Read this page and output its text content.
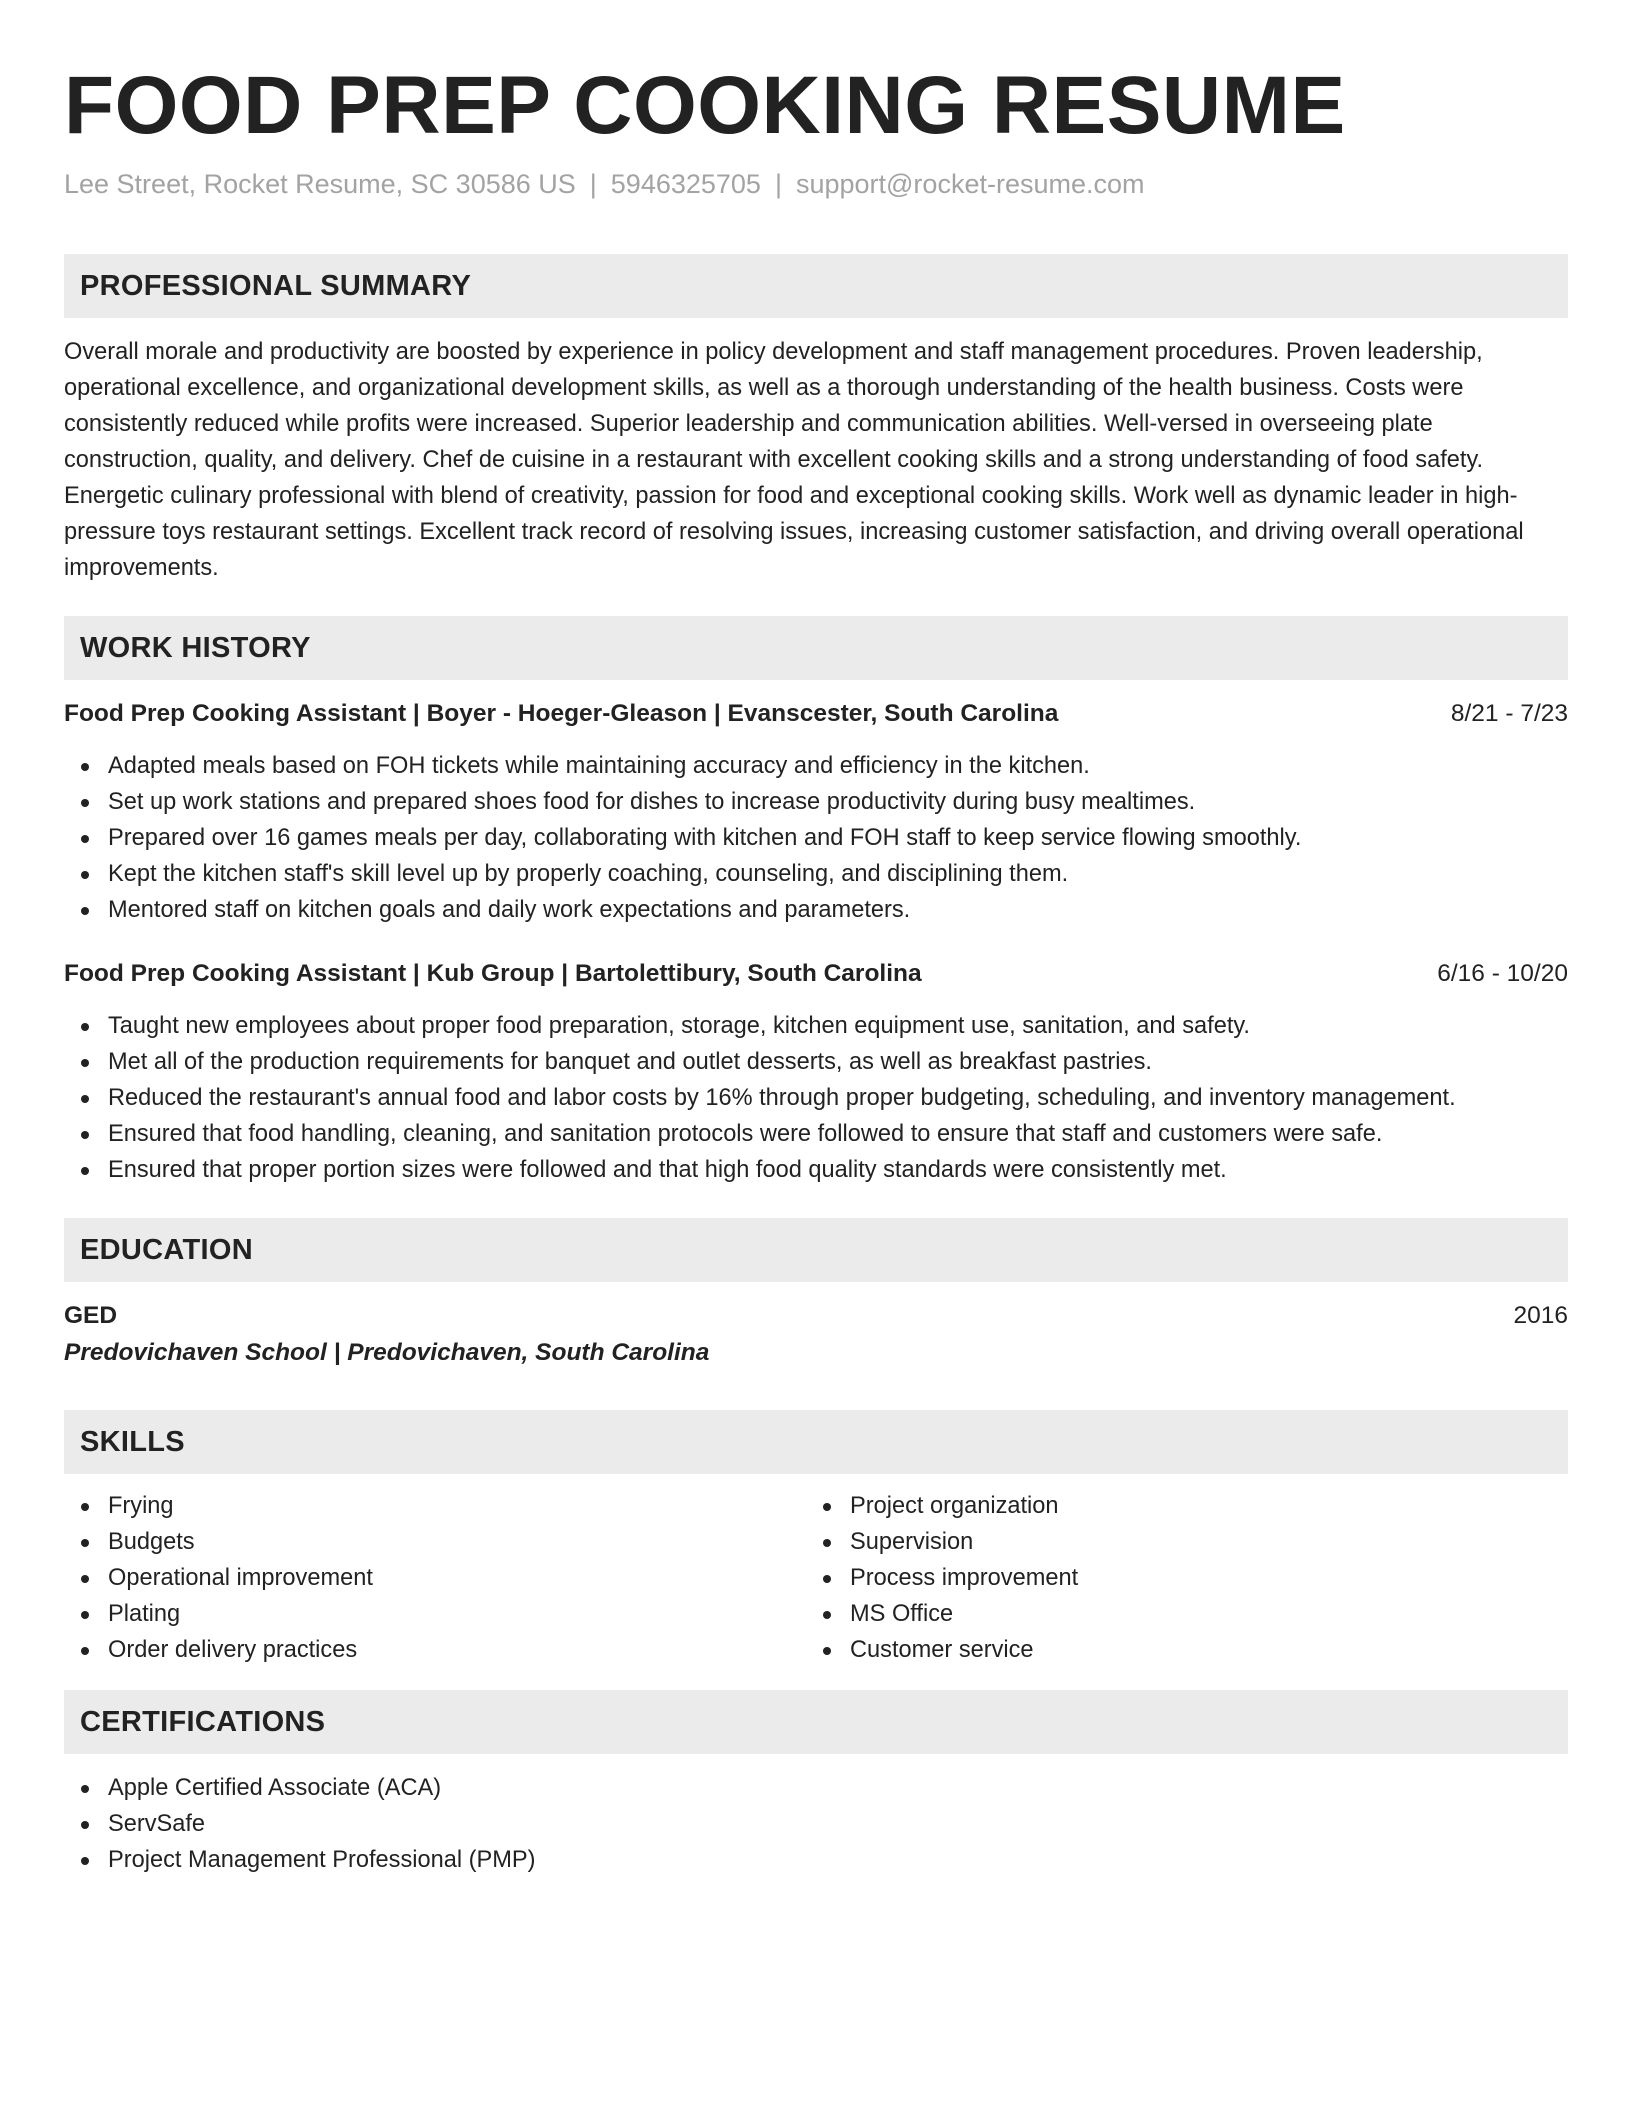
FOOD PREP COOKING RESUME
Lee Street, Rocket Resume, SC 30586 US | 5946325705 | support@rocket-resume.com
PROFESSIONAL SUMMARY

Overall morale and productivity are boosted by experience in policy development and staff management procedures. Proven leadership, operational excellence, and organizational development skills, as well as a thorough understanding of the health business. Costs were consistently reduced while profits were increased. Superior leadership and communication abilities. Well-versed in overseeing plate construction, quality, and delivery. Chef de cuisine in a restaurant with excellent cooking skills and a strong understanding of food safety. Energetic culinary professional with blend of creativity, passion for food and exceptional cooking skills. Work well as dynamic leader in high-pressure toys restaurant settings. Excellent track record of resolving issues, increasing customer satisfaction, and driving overall operational improvements.

WORK HISTORY
Food Prep Cooking Assistant | Boyer - Hoeger-Gleason | Evanscester, South Carolina	8/21 - 7/23
Adapted meals based on FOH tickets while maintaining accuracy and efficiency in the kitchen.
Set up work stations and prepared shoes food for dishes to increase productivity during busy mealtimes.
Prepared over 16 games meals per day, collaborating with kitchen and FOH staff to keep service flowing smoothly.
Kept the kitchen staff's skill level up by properly coaching, counseling, and disciplining them.
Mentored staff on kitchen goals and daily work expectations and parameters.
Food Prep Cooking Assistant | Kub Group | Bartolettibury, South Carolina	6/16 - 10/20
Taught new employees about proper food preparation, storage, kitchen equipment use, sanitation, and safety.
Met all of the production requirements for banquet and outlet desserts, as well as breakfast pastries.
Reduced the restaurant's annual food and labor costs by 16% through proper budgeting, scheduling, and inventory management.
Ensured that food handling, cleaning, and sanitation protocols were followed to ensure that staff and customers were safe.
Ensured that proper portion sizes were followed and that high food quality standards were consistently met.
EDUCATION
GED	2016
Predovichaven School | Predovichaven, South Carolina
SKILLS
Frying
Budgets
Operational improvement
Plating
Order delivery practices
Project organization
Supervision
Process improvement
MS Office
Customer service
CERTIFICATIONS
Apple Certified Associate (ACA)
ServSafe
Project Management Professional (PMP)
